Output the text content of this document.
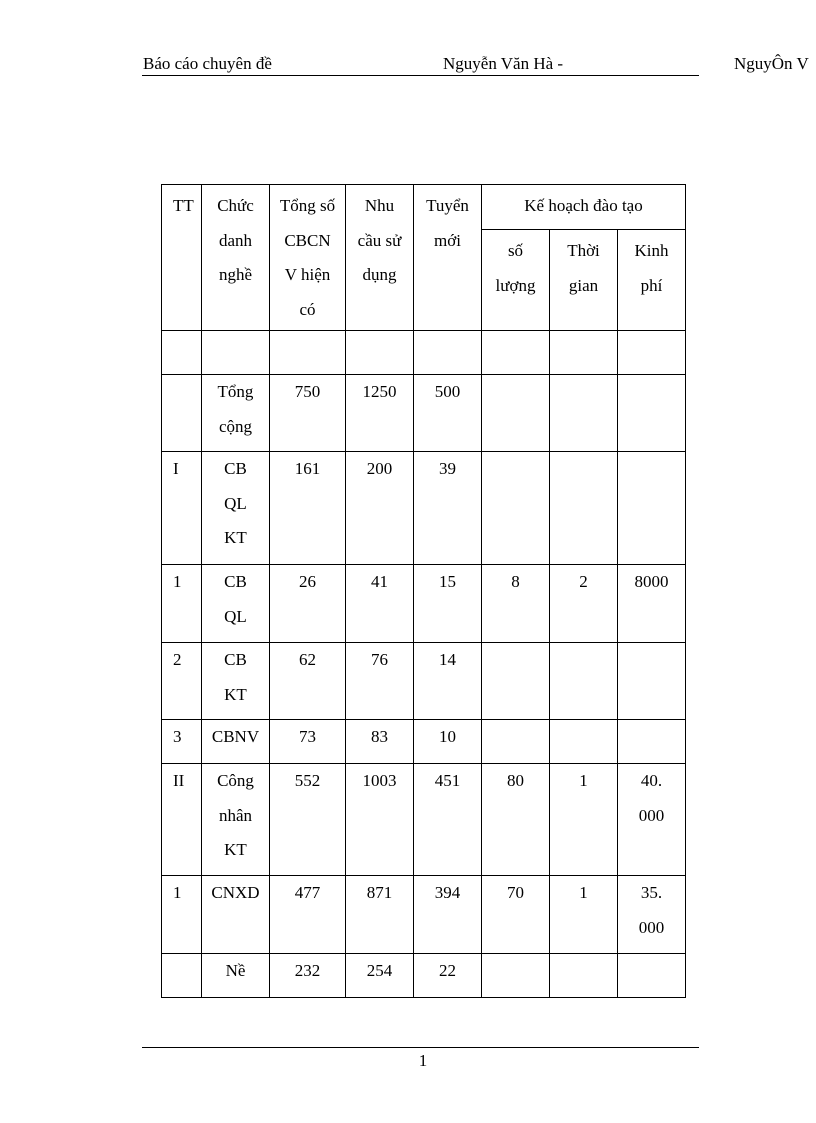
Báo cáo chuyên đề	Nguyễn Văn Hà -	NguyÔn V
TT	Chức
danh
nghề	Tổng số
CBCN
V hiện
có	Nhu
cầu sử
dụng	Tuyển
mới	Kế hoạch đào tạo		
					số
lượng	Thời
gian	Kinh
phí

	Tổng
cộng	750	1250	500			
I	CB
QL
KT	161	200	39			
1	CB
QL	26	41	15	8	2	8000
2	CB
KT	62	76	14			
3	CBNV	73	83	10			
II	Công
nhân
KT	552	1003	451	80	1	40.
000
1	CNXD	477	871	394	70	1	35.
000
	Nề	232	254	22			
1
